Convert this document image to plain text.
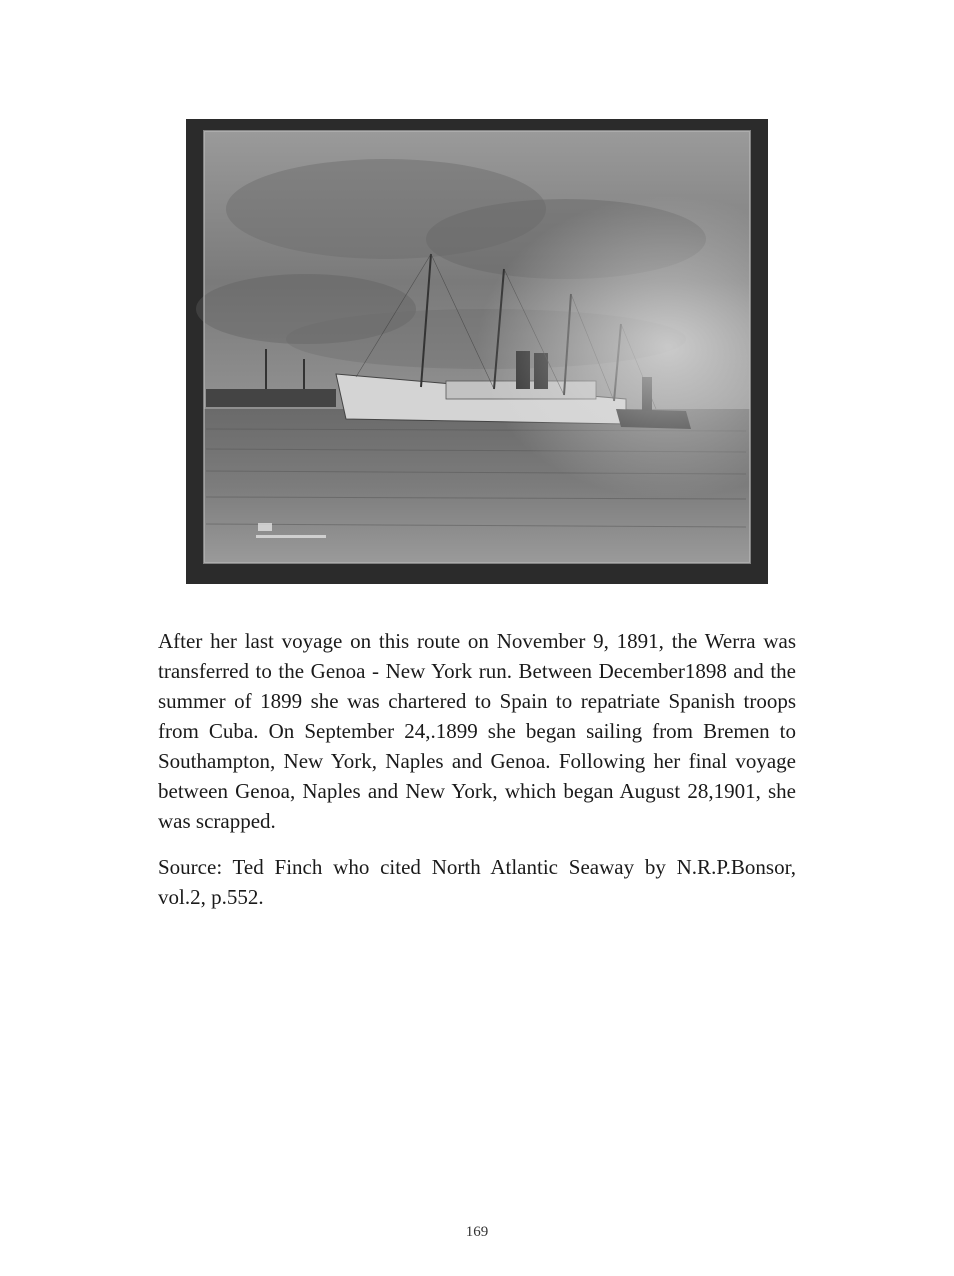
After her last voyage on this route on November 9, 1891, the Werra was transferred to the Genoa - New York run. Between December1898 and the summer of 1899 she was chartered to Spain to repatriate Spanish troops from Cuba. On September 24,.1899 she began sailing from Bremen to Southampton, New York, Naples and Genoa. Following her final voyage between Genoa, Naples and New York, which began August 28,1901, she was scrapped.

Source: Ted Finch who cited North Atlantic Seaway by N.R.P.Bonsor, vol.2, p.552.

169
